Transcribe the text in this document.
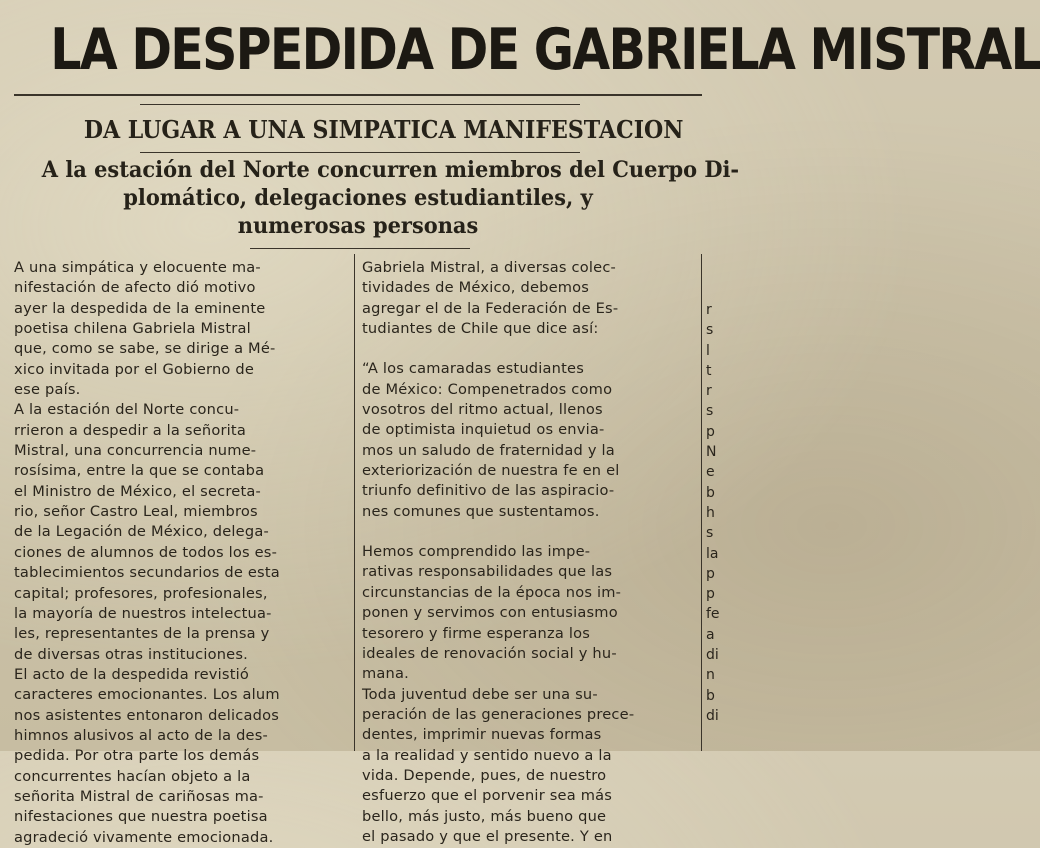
LA DESPEDIDA DE GABRIELA MISTRAL
DA LUGAR A UNA SIMPATICA MANIFESTACION
A la estación del Norte concurren miembros del Cuerpo Di-
plomático, delegaciones estudiantiles, y
numerosas personas
A una simpática y elocuente ma-
nifestación de afecto dió motivo
ayer la despedida de la eminente
poetisa chilena Gabriela Mistral
que, como se sabe, se dirige a Mé-
xico invitada por el Gobierno de
ese país.
A la estación del Norte concu-
rrieron a despedir a la señorita
Mistral, una concurrencia nume-
rosísima, entre la que se contaba
el Ministro de México, el secreta-
rio, señor Castro Leal, miembros
de la Legación de México, delega-
ciones de alumnos de todos los es-
tablecimientos secundarios de esta
capital; profesores, profesionales,
la mayoría de nuestros intelectua-
les, representantes de la prensa y
de diversas otras instituciones.
El acto de la despedida revistió
caracteres emocionantes. Los alum
nos asistentes entonaron delicados
himnos alusivos al acto de la des-
pedida. Por otra parte los demás
concurrentes hacían objeto a la
señorita Mistral de cariñosas ma-
nifestaciones que nuestra poetisa
agradeció vivamente emocionada.
Gabriela Mistral, a diversas colec-
tividades de México, debemos
agregar el de la Federación de Es-
tudiantes de Chile que dice así:
“A los camaradas estudiantes
de México: Compenetrados como
vosotros del ritmo actual, llenos
de optimista inquietud os envia-
mos un saludo de fraternidad y la
exteriorización de nuestra fe en el
triunfo definitivo de las aspiracio-
nes comunes que sustentamos.
Hemos comprendido las impe-
rativas responsabilidades que las
circunstancias de la época nos im-
ponen y servimos con entusiasmo
tesorero y firme esperanza los
ideales de renovación social y hu-
mana.
Toda juventud debe ser una su-
peración de las generaciones prece-
dentes, imprimir nuevas formas
a la realidad y sentido nuevo a la
vida. Depende, pues, de nuestro
esfuerzo que el porvenir sea más
bello, más justo, más bueno que
el pasado y que el presente. Y en
r
s
l
t
r
s
p
N
e
b
h
s
la
p
p
fe
a
di
n
b
di
